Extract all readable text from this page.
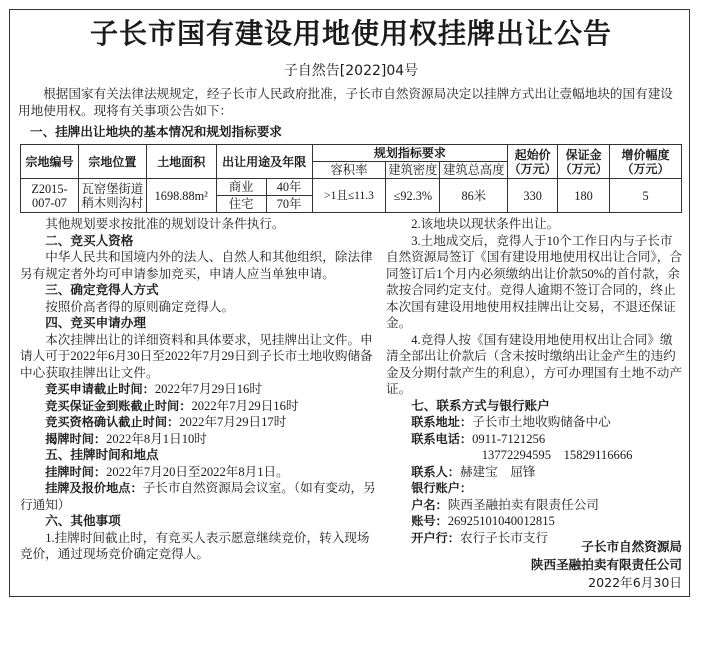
子长市国有建设用地使用权挂牌出让公告
子自然告[2022]04号
根据国家有关法律法规规定，经子长市人民政府批准，子长市自然资源局决定以挂牌方式出让壹幅地块的国有建设用地使用权。现将有关事项公告如下：
一、挂牌出让地块的基本情况和规划指标要求
宗地编号	宗地位置	土地面积	出让用途及年限		规划指标要求			起始价（万元）	保证金（万元）	增价幅度（万元）
					容积率	建筑密度	建筑总高度			
Z2015-007-07	瓦窑堡街道稍木则沟村	1698.88m²	商业	40年	>1且≤11.3	≤92.3%	86米	330	180	5
			住宅	70年						

其他规划要求按批准的规划设计条件执行。

二、竞买人资格

中华人民共和国境内外的法人、自然人和其他组织，除法律另有规定者外均可申请参加竞买，申请人应当单独申请。

三、确定竞得人方式

按照价高者得的原则确定竞得人。

四、竞买申请办理

本次挂牌出让的详细资料和具体要求，见挂牌出让文件。申请人可于2022年6月30日至2022年7月29日到子长市土地收购储备中心获取挂牌出让文件。

竞买申请截止时间：2022年7月29日16时

竞买保证金到账截止时间：2022年7月29日16时

竞买资格确认截止时间：2022年7月29日17时

揭牌时间：2022年8月1日10时

五、挂牌时间和地点

挂牌时间：2022年7月20日至2022年8月1日。

挂牌及报价地点：子长市自然资源局会议室。（如有变动，另行通知）

六、其他事项

1.挂牌时间截止时，有竞买人表示愿意继续竞价，转入现场竞价，通过现场竞价确定竞得人。

2.该地块以现状条件出让。

3.土地成交后，竞得人于10个工作日内与子长市自然资源局签订《国有建设用地使用权出让合同》，合同签订后1个月内必须缴纳出让价款50%的首付款，余款按合同约定支付。竞得人逾期不签订合同的，终止本次国有建设用地使用权挂牌出让交易，不退还保证金。

4.竞得人按《国有建设用地使用权出让合同》缴清全部出让价款后（含未按时缴纳出让金产生的违约金及分期付款产生的利息），方可办理国有土地不动产证。

七、联系方式与银行账户

联系地址：子长市土地收购储备中心

联系电话：0911-7121256

13772294595　 15829116666

联系人：赫建宝　屈锋

银行账户：

户名：陕西圣融拍卖有限责任公司

账号：26925101040012815

开户行：农行子长市支行

子长市自然资源局
陕西圣融拍卖有限责任公司
2022年6月30日
